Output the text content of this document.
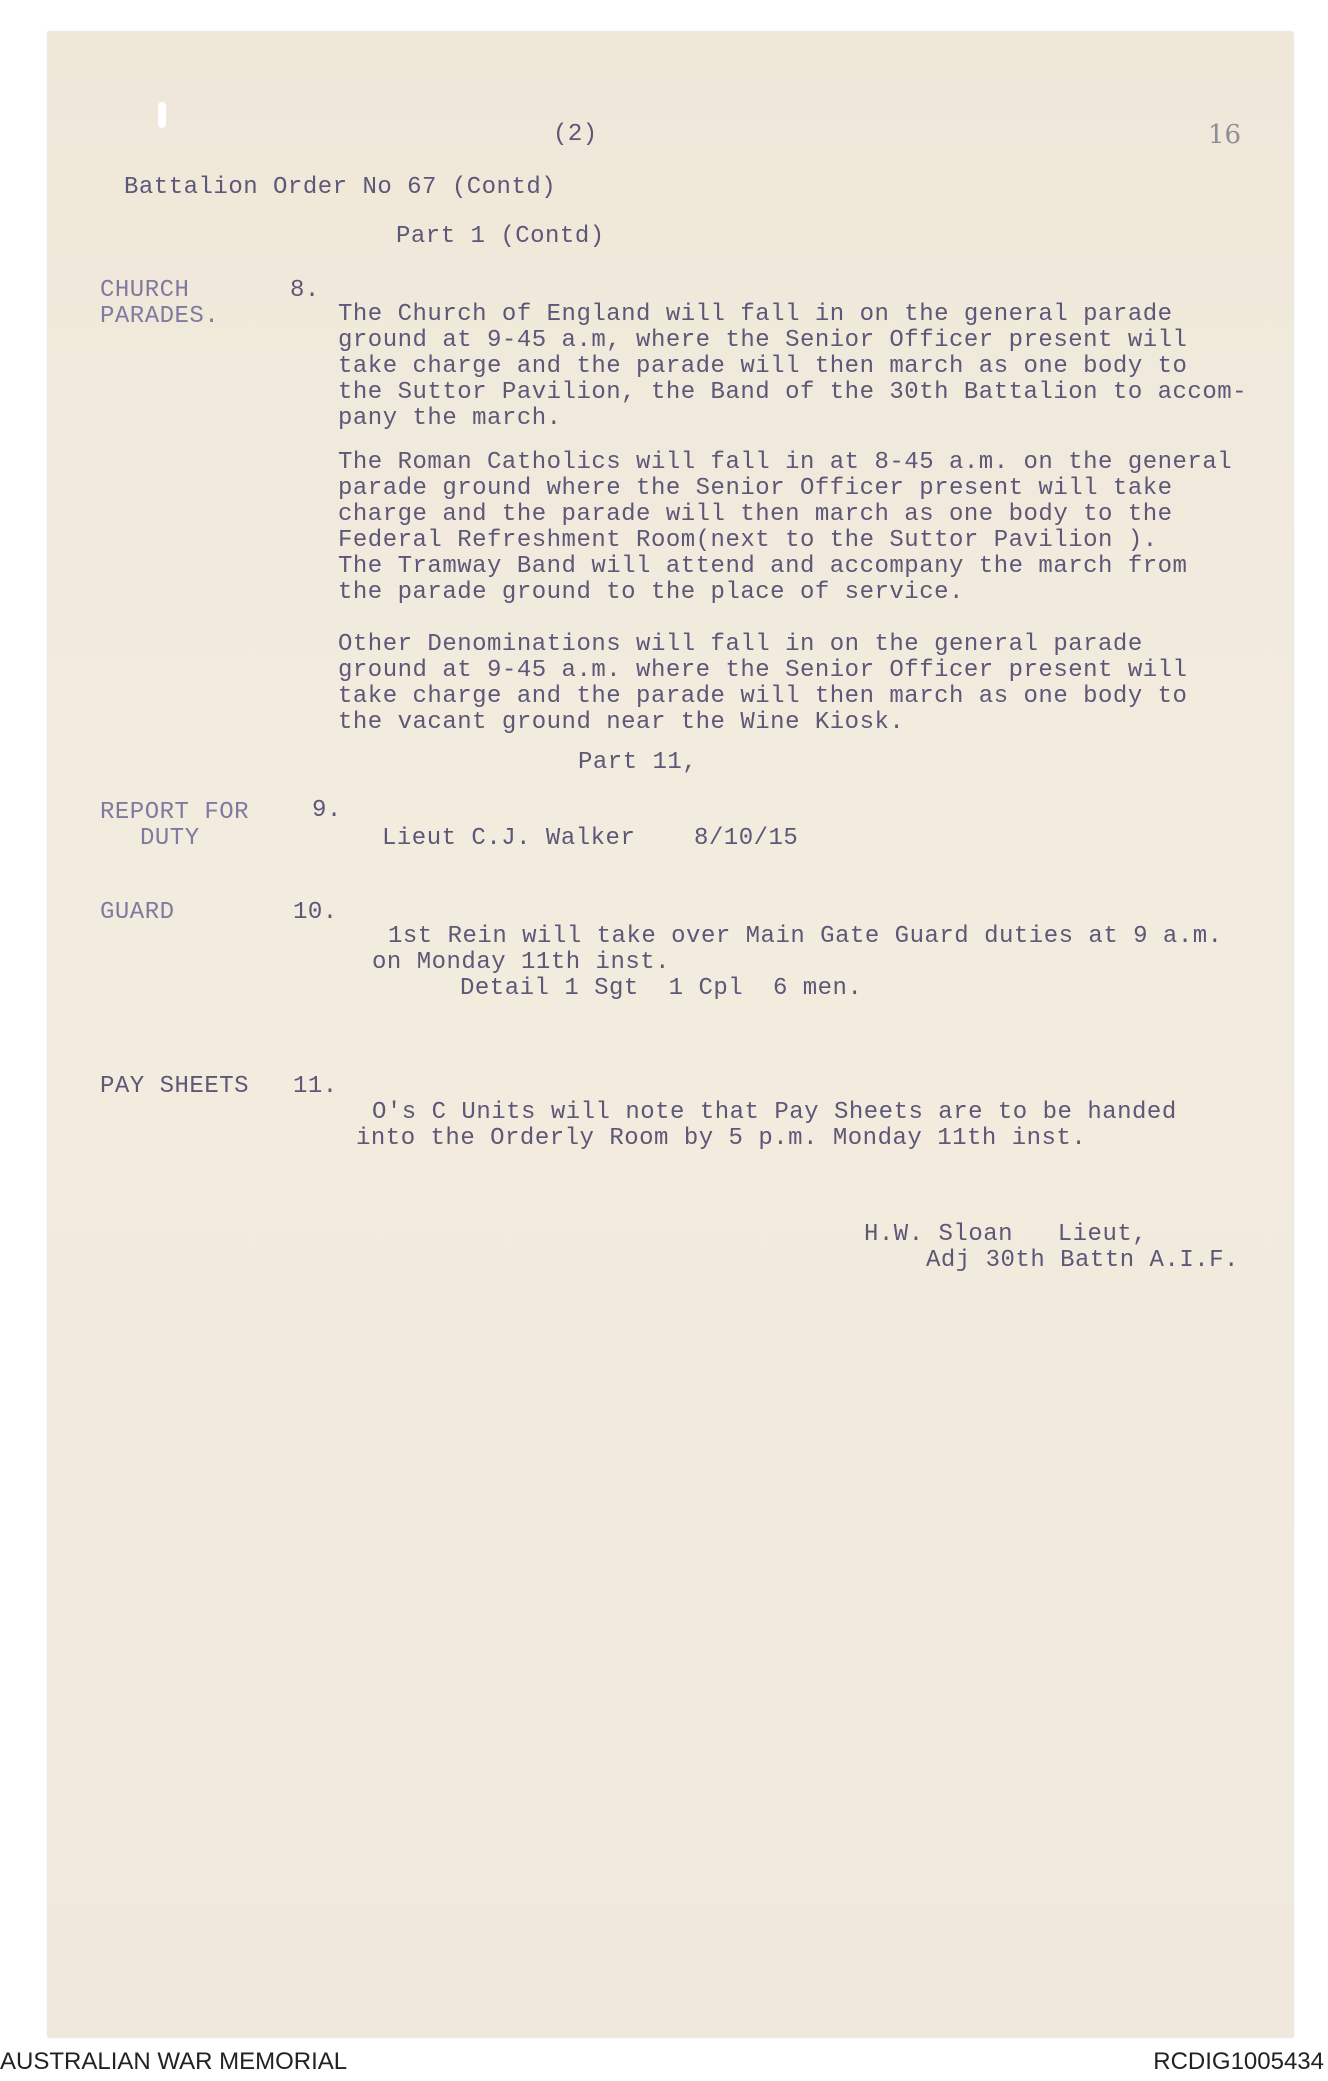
(2)	16
Battalion Order No 67 (Contd)
Part 1 (Contd)
CHURCH
PARADES.
8.
The Church of England will fall in on the general parade
ground at 9-45 a.m, where the Senior Officer present will
take charge and the parade will then march as one body to
the Suttor Pavilion, the Band of the 30th Battalion to accom-
pany the march.
The Roman Catholics will fall in at 8-45 a.m. on the general
parade ground where the Senior Officer present will take
charge and the parade will then march as one body to the
Federal Refreshment Room(next to the Suttor Pavilion ).
The Tramway Band will attend and accompany the march from
the parade ground to the place of service.
Other Denominations will fall in on the general parade
ground at 9-45 a.m. where the Senior Officer present will
take charge and the parade will then march as one body to
the vacant ground near the Wine Kiosk.
Part 11,
REPORT FOR
DUTY
9.
Lieut C.J. Walker 8/10/15
GUARD	10.
1st Rein will take over Main Gate Guard duties at 9 a.m.
on Monday 11th inst.
Detail 1 Sgt  1 Cpl  6 men.
PAY SHEETS 11.
O's C Units will note that Pay Sheets are to be handed
into the Orderly Room by 5 p.m. Monday 11th inst.
H.W. Sloan   Lieut,
Adj 30th Battn A.I.F.
AUSTRALIAN WAR MEMORIAL	RCDIG1005434
